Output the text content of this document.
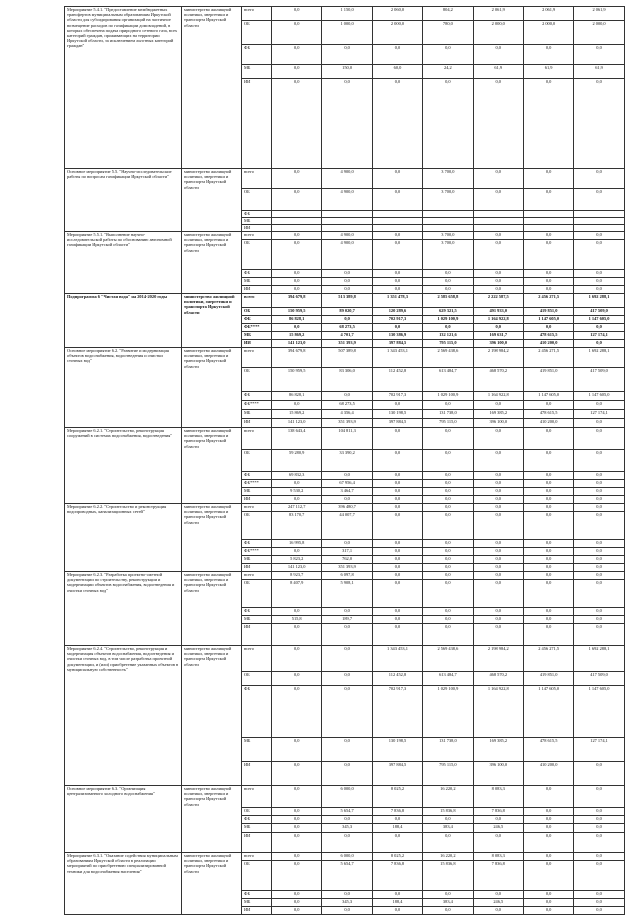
Мероприятие 5.4.1. "Предоставление межбюджетных трансфертов муниципальным образованиям Иркутской области для субсидирования организаций на частичное возмещение расходов по газификации домовладений, в которых обеспечена подача природного сетевого газа, всех категорий граждан, проживающих на территории Иркутской области, за исключением льготных категорий граждан"	министерство жилищной политики, энергетики и транспорта Иркутской области	всего	0,0	1 150,0	2 060,0	804,2	2 061,9	2 061,9	2 061,9
		ОБ	0,0	1 000,0	2 000,0	780,0	2 000,0	2 000,0	2 000,0
		ФБ	0,0	0,0	0,0	0,0	0,0	0,0	0,0
		МБ	0,0	150,0	60,0	24,2	61,9	61,9	61,9
		ИИ	0,0	0,0	0,0	0,0	0,0	0,0	0,0
Основное мероприятие 5.5. "Научно-исследовательские работы по вопросам газификации Иркутской области"	министерство жилищной политики, энергетики и транспорта Иркутской области	всего	0,0	4 900,0	0,0	3 700,0	0,0	0,0	0,0
		ОБ	0,0	4 900,0	0,0	3 700,0	0,0	0,0	0,0
		ФБ							
		МБ							
		ИИ							
Мероприятие 5.5.1. "Выполнение научно-исследовательской работы по обоснованию автономной газификации Иркутской области"	министерство жилищной политики, энергетики и транспорта Иркутской области	всего	0,0	4 900,0	0,0	3 700,0	0,0	0,0	0,0
		ОБ	0,0	4 900,0	0,0	3 700,0	0,0	0,0	0,0
		ФБ	0,0	0,0	0,0	0,0	0,0	0,0	0,0
		МБ	0,0	0,0	0,0	0,0	0,0	0,0	0,0
		ИИ	0,0	0,0	0,0	0,0	0,0	0,0	0,0
Подпрограмма 6 "Чистая вода" на 2014-2020 годы	министерство жилищной политики, энергетики и транспорта Иркутской области	всего	394 679,8	513 389,8	1 351 478,3	2 585 658,8	2 222 587,5	2 456 271,5	1 692 288,1
		ОБ	150 959,5	89 020,7	120 289,6	629 321,5	491 933,0	419 851,0	417 509,0
		ФБ	86 828,1	0,0	702 917,3	1 029 100,9	1 164 922,8	1 147 605,0	1 147 605,0
		ФБ****	0,0	68 273,5	0,0	0,0	0,0	0,0	0,0
		МБ	15 869,2	4 701,7	130 386,9	132 121,6	169 631,7	478 615,5	127 174,1
		ИИ	141 123,0	351 393,9	397 884,5	795 115,0	396 100,0	410 200,0	0,0
Основное мероприятие 6.2. "Развитие и модернизация объектов водоснабжения, водоотведения и очистки сточных вод"	министерство жилищной политики, энергетики и транспорта Иркутской области	всего	394 679,8	507 389,8	1 343 453,1	2 569 438,6	2 198 984,2	2 456 271,5	1 692 288,1
		ОБ	150 959,5	83 306,0	112 452,8	613 484,7	468 570,2	419 851,0	417 509,0
		ФБ	86 828,1	0,0	702 917,3	1 029 100,9	1 164 922,8	1 147 605,0	1 147 605,0
		ФБ****	0,0	68 273,5	0,0	0,0	0,0	0,0	0,0
		МБ	15 869,2	4 356,4	130 198,5	131 738,0	169 385,2	478 615,5	127 174,1
		ИИ	141 123,0	351 393,9	397 884,5	795 115,0	396 100,0	410 200,0	0,0
Мероприятие 6.2.1. "Строительство, реконструкция сооружений в системах водоснабжения, водоотведения"	министерство жилищной политики, энергетики и транспорта Иркутской области	всего	138 643,4	104 811,3	0,0	0,0	0,0	0,0	0,0
		ОБ	59 280,9	33 390,2	0,0	0,0	0,0	0,0	0,0
		ФБ	69 832,3	0,0	0,0	0,0	0,0	0,0	0,0
		ФБ****	0,0	67 956,4	0,0	0,0	0,0	0,0	0,0
		МБ	9 530,2	3 464,7	0,0	0,0	0,0	0,0	0,0
		ИИ	0,0	0,0	0,0	0,0	0,0	0,0	0,0
Мероприятие 6.2.2. "Строительство и реконструкция водопроводных, канализационных сетей"	министерство жилищной политики, энергетики и транспорта Иркутской области	всего	247 112,7	396 480,7	0,0	0,0	0,0	0,0	0,0
		ОБ	83 170,7	44 007,7	0,0	0,0	0,0	0,0	0,0
		ФБ	16 995,8	0,0	0,0	0,0	0,0	0,0	0,0
		ФБ****	0,0	317,1	0,0	0,0	0,0	0,0	0,0
		МБ	5 823,2	762,0	0,0	0,0	0,0	0,0	0,0
		ИИ	141 123,0	351 393,9	0,0	0,0	0,0	0,0	0,0
Мероприятие 6.2.3. "Разработка проектно-сметной документации по строительству, реконструкции и модернизации объектов водоснабжения, водоотведения и очистки сточных вод"	министерство жилищной политики, энергетики и транспорта Иркутской области	всего	8 923,7	6 097,8	0,0	0,0	0,0	0,0	0,0
		ОБ	8 407,9	5 908,1	0,0	0,0	0,0	0,0	0,0
		ФБ	0,0	0,0	0,0	0,0	0,0	0,0	0,0
		МБ	515,8	189,7	0,0	0,0	0,0	0,0	0,0
		ИИ	0,0	0,0	0,0	0,0	0,0	0,0	0,0
Мероприятие 6.2.4. "Строительство, реконструкция и модернизация объектов водоснабжения, водоотведения и очистки сточных вод, в том числе разработка проектной документации, и (или) приобретение указанных объектов в муниципальную собственность"	министерство жилищной политики, энергетики и транспорта Иркутской области	всего	0,0	0,0	1 343 453,1	2 569 438,6	2 198 984,2	2 456 271,5	1 692 288,1
		ОБ	0,0	0,0	112 452,8	613 484,7	468 570,2	419 851,0	417 509,0
		ФБ	0,0	0,0	702 917,3	1 029 100,9	1 164 922,8	1 147 605,0	1 147 605,0
		МБ	0,0	0,0	130 198,5	131 738,0	169 385,2	478 615,5	127 174,1
		ИИ	0,0	0,0	397 884,5	795 115,0	396 100,0	410 200,0	0,0
Основное мероприятие 6.3. "Организация централизованного холодного водоснабжения"	министерство жилищной политики, энергетики и транспорта Иркутской области	всего	0,0	6 000,0	8 025,2	16 220,2	8 083,3	0,0	0,0
		ОБ	0,0	5 654,7	7 836,8	15 836,8	7 836,8	0,0	0,0
		ФБ	0,0	0,0	0,0	0,0	0,0	0,0	0,0
		МБ	0,0	345,3	188,4	383,4	246,5	0,0	0,0
		ИИ	0,0	0,0	0,0	0,0	0,0	0,0	0,0
Мероприятие 6.3.1. "Оказание содействия муниципальным образованиям Иркутской области в реализации мероприятий по приобретению специализированной техники для водоснабжения населения"	министерство жилищной политики, энергетики и транспорта Иркутской области	всего	0,0	6 000,0	8 025,2	16 220,2	8 083,3	0,0	0,0
		ОБ	0,0	5 654,7	7 836,8	15 836,8	7 836,8	0,0	0,0
		ФБ	0,0	0,0	0,0	0,0	0,0	0,0	0,0
		МБ	0,0	345,3	188,4	383,4	246,5	0,0	0,0
		ИИ	0,0	0,0	0,0	0,0	0,0	0,0	0,0
